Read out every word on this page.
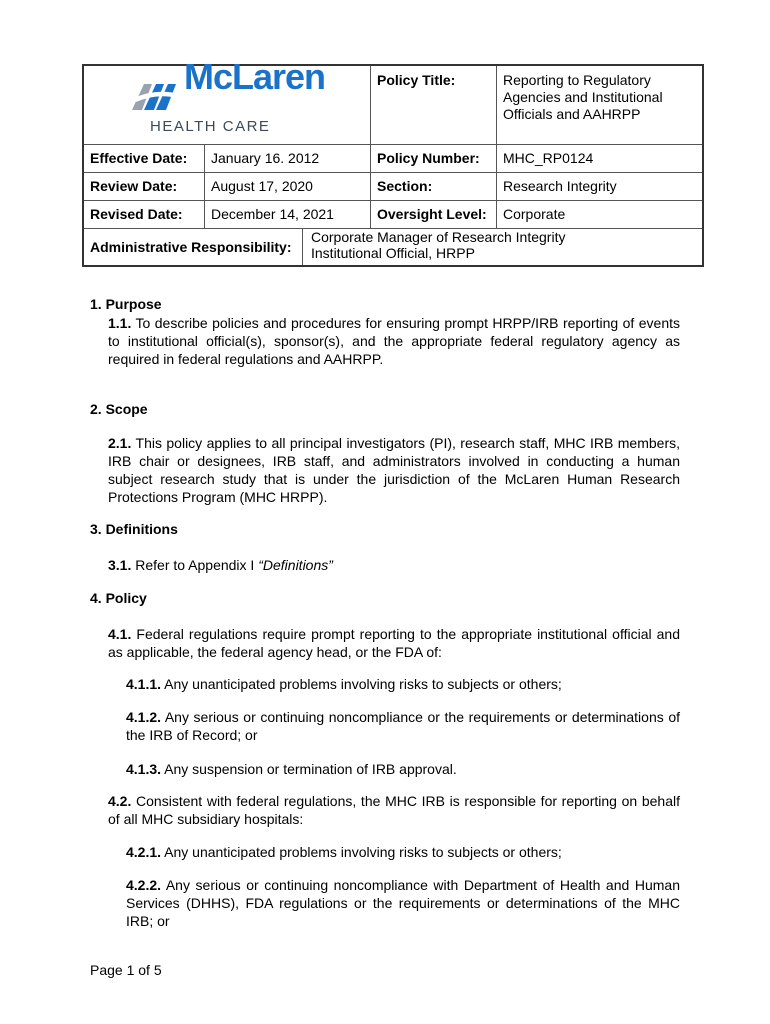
McLaren
HEALTH CARE
Policy Title:	Reporting to Regulatory Agencies and Institutional Officials and AAHRPP
Effective Date:	January 16. 2012	Policy Number:	MHC_RP0124
Review Date:	August 17, 2020	Section:	Research Integrity
Revised Date:	December 14, 2021	Oversight Level:	Corporate
Administrative Responsibility:
Corporate Manager of Research Integrity
Institutional Official, HRPP
1. Purpose
1.1. To describe policies and procedures for ensuring prompt HRPP/IRB reporting of events to institutional official(s), sponsor(s), and the appropriate federal regulatory agency as required in federal regulations and AAHRPP.
2. Scope
2.1. This policy applies to all principal investigators (PI), research staff, MHC IRB members, IRB chair or designees, IRB staff, and administrators involved in conducting a human subject research study that is under the jurisdiction of the McLaren Human Research Protections Program (MHC HRPP).
3. Definitions
3.1. Refer to Appendix I “Definitions”
4. Policy
4.1. Federal regulations require prompt reporting to the appropriate institutional official and as applicable, the federal agency head, or the FDA of:
4.1.1. Any unanticipated problems involving risks to subjects or others;
4.1.2. Any serious or continuing noncompliance or the requirements or determinations of the IRB of Record; or
4.1.3. Any suspension or termination of IRB approval.
4.2. Consistent with federal regulations, the MHC IRB is responsible for reporting on behalf of all MHC subsidiary hospitals:
4.2.1. Any unanticipated problems involving risks to subjects or others;
4.2.2. Any serious or continuing noncompliance with Department of Health and Human Services (DHHS), FDA regulations or the requirements or determinations of the MHC IRB; or
Page 1 of 5
